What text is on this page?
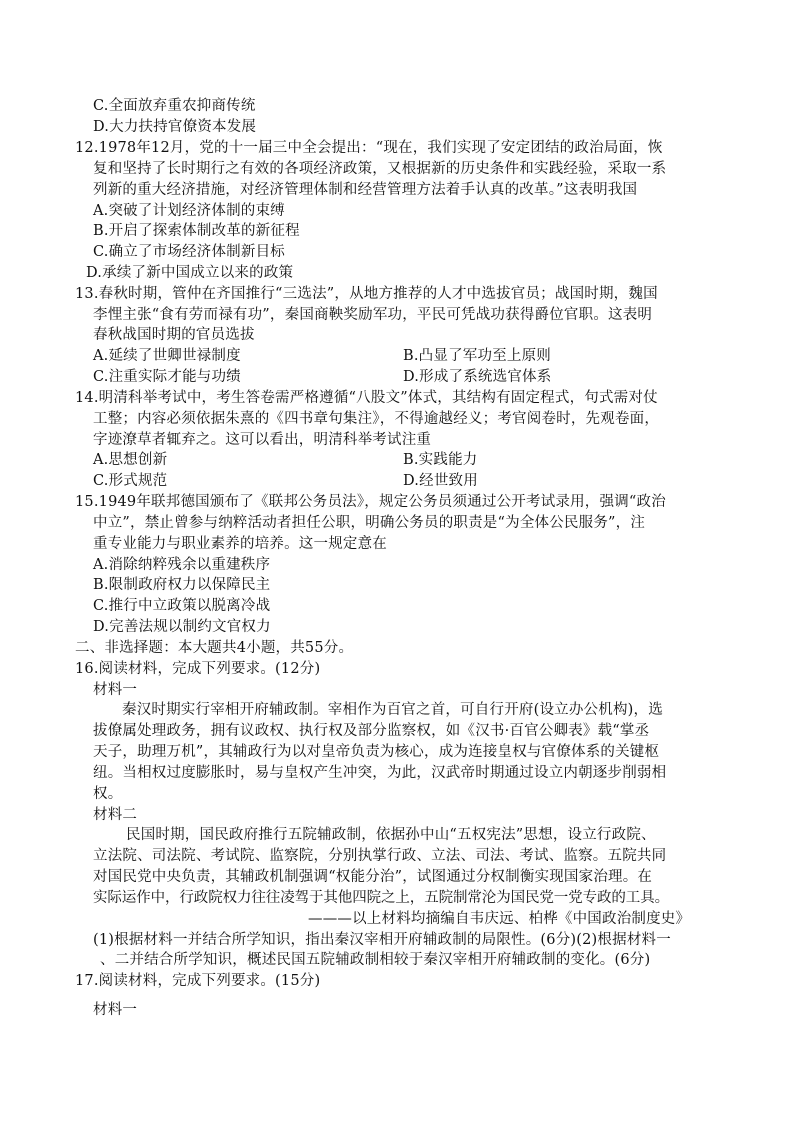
C.全面放弃重农抑商传统
D.大力扶持官僚资本发展
12.1978年12月，党的十一届三中全会提出：“现在，我们实现了安定团结的政治局面，恢
复和坚持了长时期行之有效的各项经济政策，又根据新的历史条件和实践经验，采取一系
列新的重大经济措施，对经济管理体制和经营管理方法着手认真的改革。”这表明我国
A.突破了计划经济体制的束缚
B.开启了探索体制改革的新征程
C.确立了市场经济体制新目标
D.承续了新中国成立以来的政策
13.春秋时期，管仲在齐国推行“三选法”，从地方推荐的人才中选拔官员；战国时期，魏国
李悝主张“食有劳而禄有功”，秦国商鞅奖励军功，平民可凭战功获得爵位官职。这表明
春秋战国时期的官员选拔
A.延续了世卿世禄制度	B.凸显了军功至上原则
C.注重实际才能与功绩	D.形成了系统选官体系
14.明清科举考试中，考生答卷需严格遵循“八股文”体式，其结构有固定程式，句式需对仗
工整；内容必须依据朱熹的《四书章句集注》，不得逾越经义；考官阅卷时，先观卷面，
字迹潦草者辄弃之。这可以看出，明清科举考试注重
A.思想创新	B.实践能力
C.形式规范	D.经世致用
15.1949年联邦德国颁布了《联邦公务员法》，规定公务员须通过公开考试录用，强调“政治
中立”，禁止曾参与纳粹活动者担任公职，明确公务员的职责是“为全体公民服务”，注
重专业能力与职业素养的培养。这一规定意在
A.消除纳粹残余以重建秩序
B.限制政府权力以保障民主
C.推行中立政策以脱离冷战
D.完善法规以制约文官权力
二、非选择题：本大题共4小题，共55分。
16.阅读材料，完成下列要求。(12分)
材料一
秦汉时期实行宰相开府辅政制。宰相作为百官之首，可自行开府(设立办公机构)，选
拔僚属处理政务，拥有议政权、执行权及部分监察权，如《汉书·百官公卿表》载“掌丞
天子，助理万机”，其辅政行为以对皇帝负责为核心，成为连接皇权与官僚体系的关键枢
纽。当相权过度膨胀时，易与皇权产生冲突，为此，汉武帝时期通过设立内朝逐步削弱相
权。
材料二
民国时期，国民政府推行五院辅政制，依据孙中山“五权宪法”思想，设立行政院、
立法院、司法院、考试院、监察院，分别执掌行政、立法、司法、考试、监察。五院共同
对国民党中央负责，其辅政机制强调“权能分治”，试图通过分权制衡实现国家治理。在
实际运作中，行政院权力往往凌驾于其他四院之上，五院制常沦为国民党一党专政的工具。
———以上材料均摘编自韦庆远、柏桦《中国政治制度史》
(1)根据材料一并结合所学知识，指出秦汉宰相开府辅政制的局限性。(6分)(2)根据材料一
、二并结合所学知识，概述民国五院辅政制相较于秦汉宰相开府辅政制的变化。(6分)
17.阅读材料，完成下列要求。(15分)
材料一
